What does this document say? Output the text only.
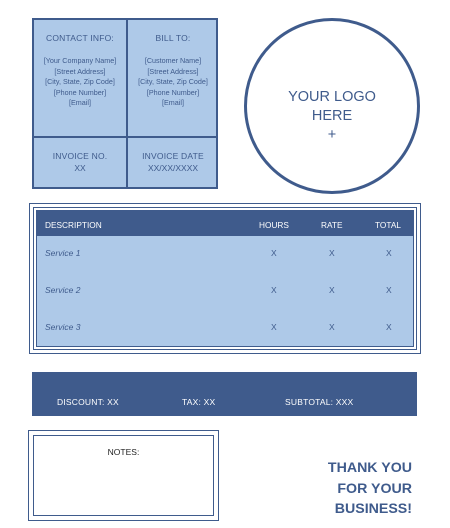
CONTACT INFO:
[Your Company Name]
[Street Address]
[City, State, Zip Code]
[Phone Number]
[Email]
BILL TO:
[Customer Name]
[Street Address]
[City, State, Zip Code]
[Phone Number]
[Email]
INVOICE NO.
XX
INVOICE DATE
XX/XX/XXXX
YOUR LOGO
HERE
+
DESCRIPTION	HOURS	RATE	TOTAL
Service 1	X	X	X
Service 2	X	X	X
Service 3	X	X	X
DISCOUNT: XX	TAX: XX	SUBTOTAL: XXX
NOTES:
THANK YOU
FOR YOUR
BUSINESS!
